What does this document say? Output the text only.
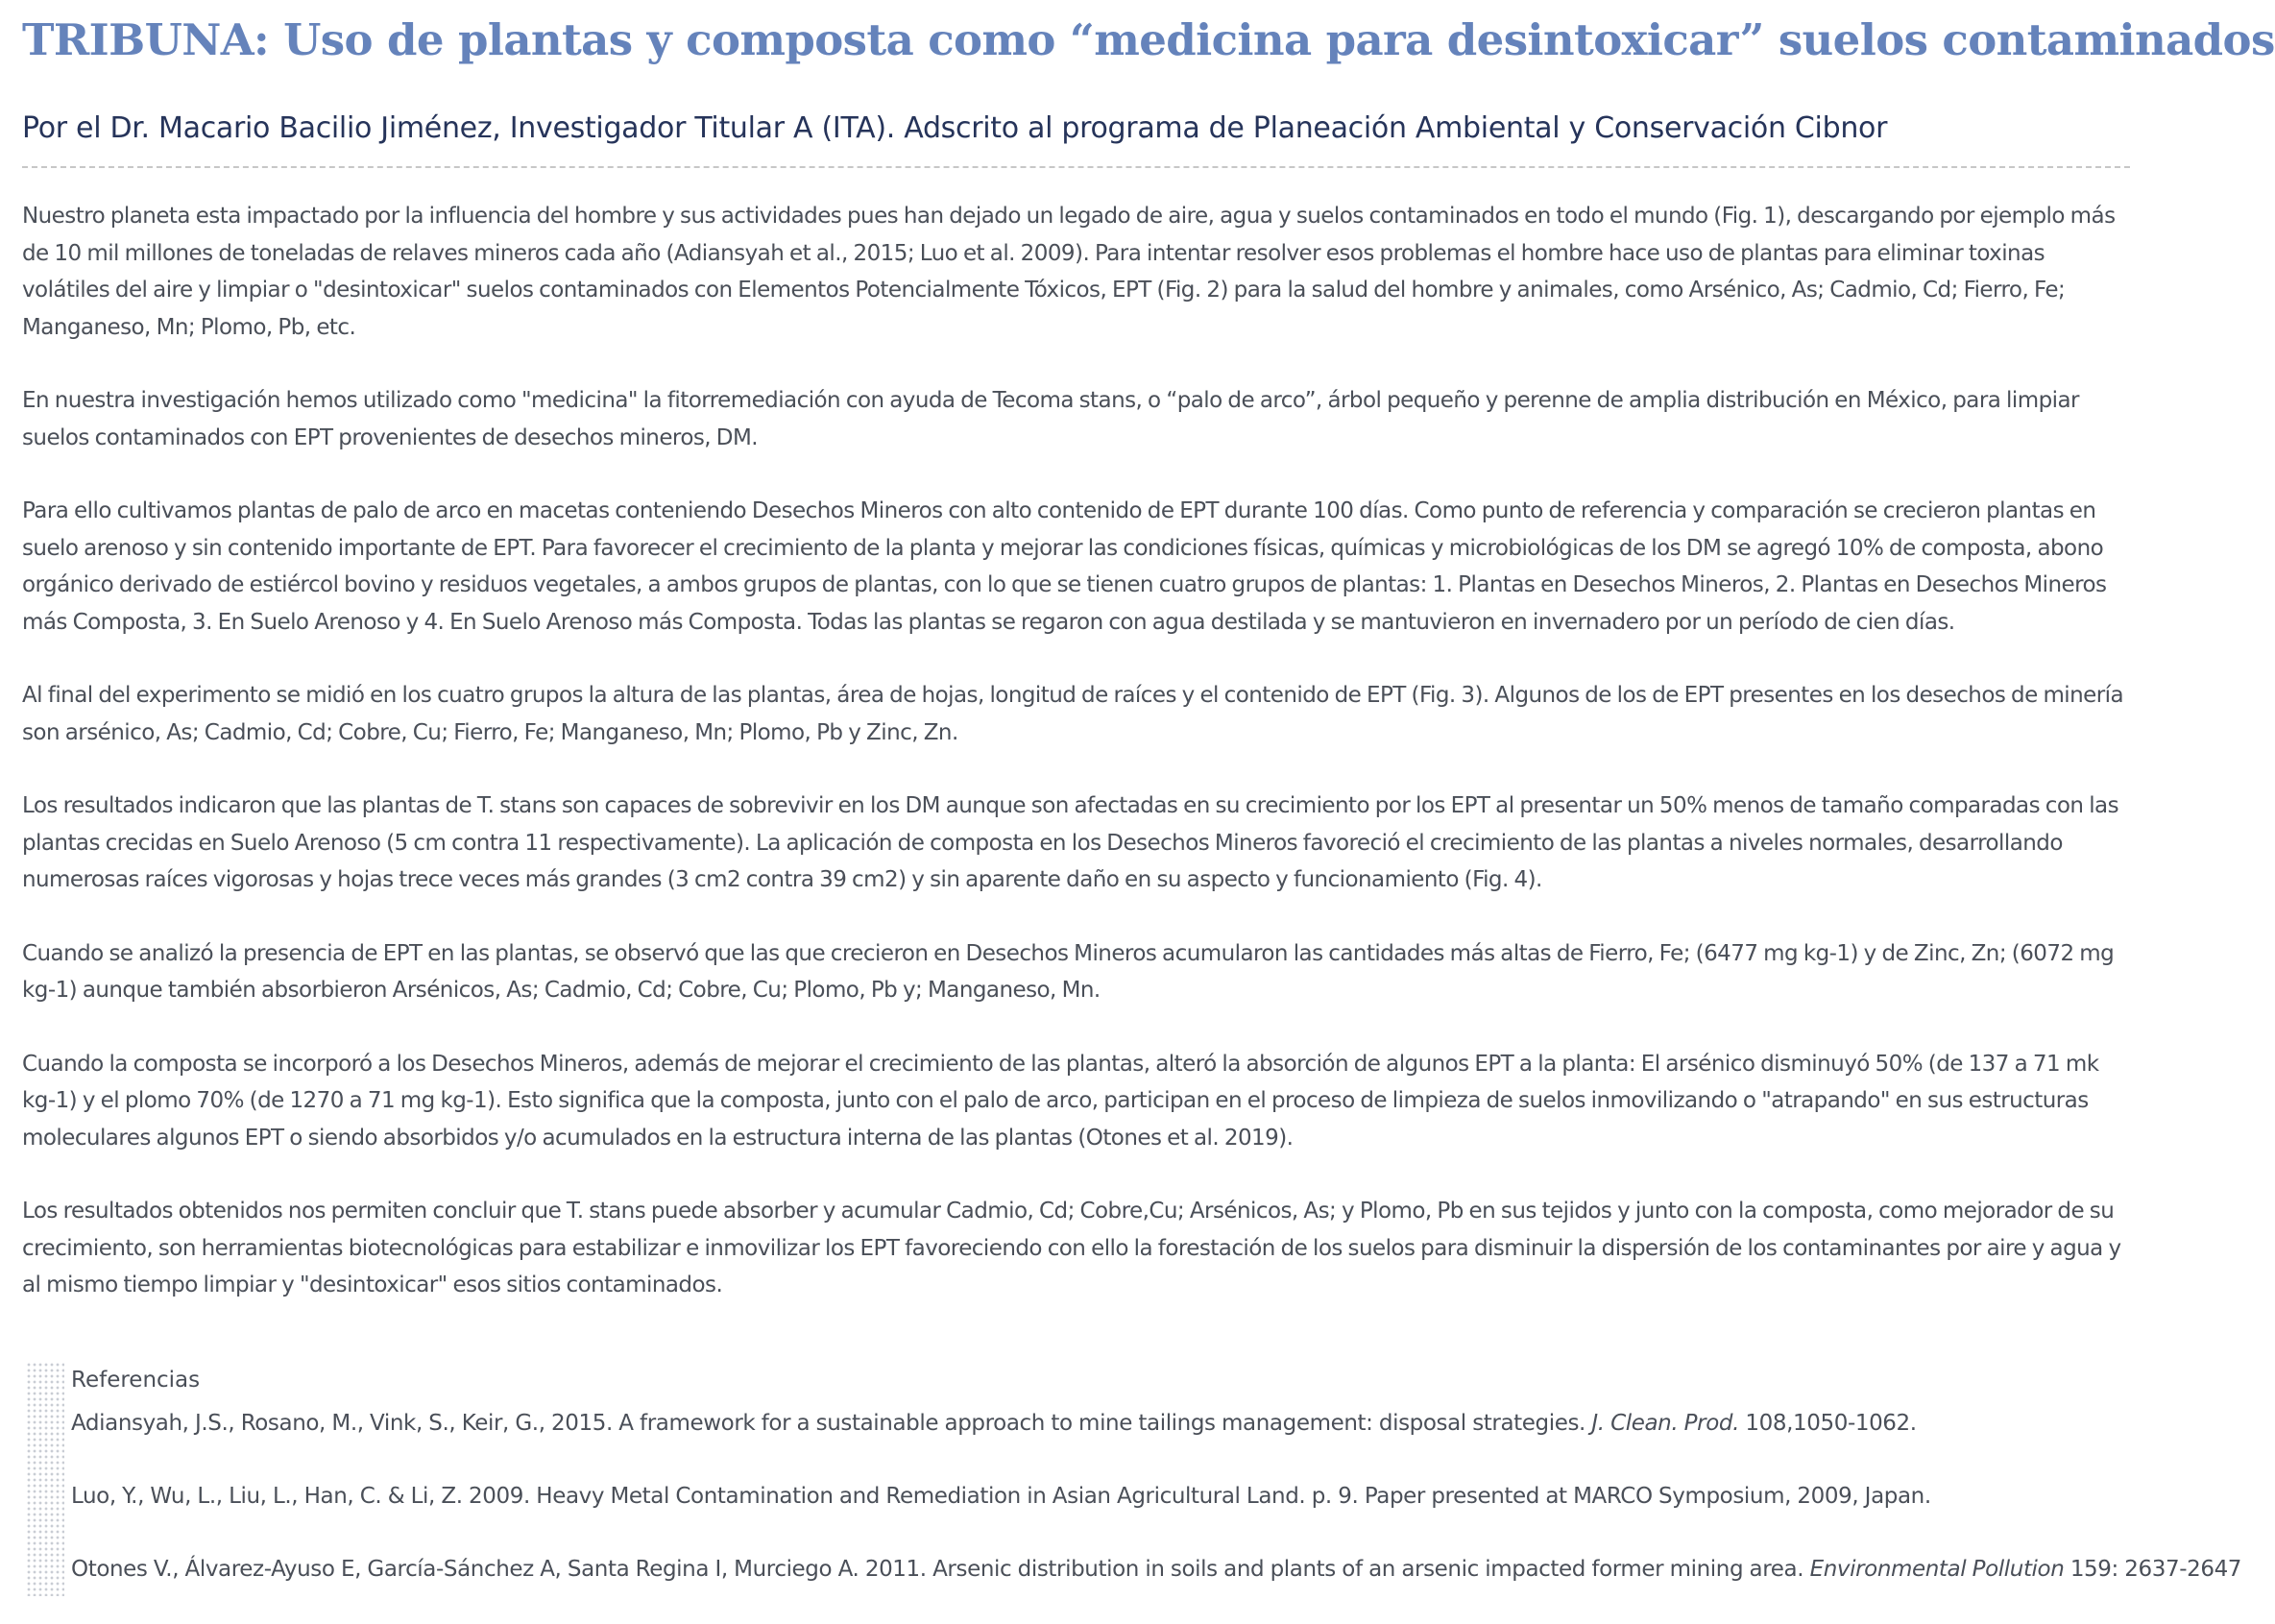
TRIBUNA: Uso de plantas y composta como “medicina para desintoxicar” suelos contaminados
Por el Dr. Macario Bacilio Jiménez, Investigador Titular A (ITA). Adscrito al programa de Planeación Ambiental y Conservación Cibnor

Nuestro planeta esta impactado por la influencia del hombre y sus actividades pues han dejado un legado de aire, agua y suelos contaminados en todo el mundo (Fig. 1), descargando por ejemplo más de 10 mil millones de toneladas de relaves mineros cada año (Adiansyah et al., 2015; Luo et al. 2009). Para intentar resolver esos problemas el hombre hace uso de plantas para eliminar toxinas volátiles del aire y limpiar o "desintoxicar" suelos contaminados con Elementos Potencialmente Tóxicos, EPT (Fig. 2) para la salud del hombre y animales, como Arsénico, As; Cadmio, Cd; Fierro, Fe; Manganeso, Mn; Plomo, Pb, etc.

En nuestra investigación hemos utilizado como "medicina" la fitorremediación con ayuda de Tecoma stans, o “palo de arco”, árbol pequeño y perenne de amplia distribución en México, para limpiar suelos contaminados con EPT provenientes de desechos mineros, DM.

Para ello cultivamos plantas de palo de arco en macetas conteniendo Desechos Mineros con alto contenido de EPT durante 100 días. Como punto de referencia y comparación se crecieron plantas en suelo arenoso y sin contenido importante de EPT. Para favorecer el crecimiento de la planta y mejorar las condiciones físicas, químicas y microbiológicas de los DM se agregó 10% de composta, abono orgánico derivado de estiércol bovino y residuos vegetales, a ambos grupos de plantas, con lo que se tienen cuatro grupos de plantas: 1. Plantas en Desechos Mineros, 2. Plantas en Desechos Mineros más Composta, 3. En Suelo Arenoso y 4. En Suelo Arenoso más Composta. Todas las plantas se regaron con agua destilada y se mantuvieron en invernadero por un período de cien días.

Al final del experimento se midió en los cuatro grupos la altura de las plantas, área de hojas, longitud de raíces y el contenido de EPT (Fig. 3). Algunos de los de EPT presentes en los desechos de minería son arsénico, As; Cadmio, Cd; Cobre, Cu; Fierro, Fe; Manganeso, Mn; Plomo, Pb y Zinc, Zn.

Los resultados indicaron que las plantas de T. stans son capaces de sobrevivir en los DM aunque son afectadas en su crecimiento por los EPT al presentar un 50% menos de tamaño comparadas con las plantas crecidas en Suelo Arenoso (5 cm contra 11 respectivamente). La aplicación de composta en los Desechos Mineros favoreció el crecimiento de las plantas a niveles normales, desarrollando numerosas raíces vigorosas y hojas trece veces más grandes (3 cm2 contra 39 cm2) y sin aparente daño en su aspecto y funcionamiento (Fig. 4).

Cuando se analizó la presencia de EPT en las plantas, se observó que las que crecieron en Desechos Mineros acumularon las cantidades más altas de Fierro, Fe; (6477 mg kg-1) y de Zinc, Zn; (6072 mg kg-1) aunque también absorbieron Arsénicos, As; Cadmio, Cd; Cobre, Cu; Plomo, Pb y; Manganeso, Mn.

Cuando la composta se incorporó a los Desechos Mineros, además de mejorar el crecimiento de las plantas, alteró la absorción de algunos EPT a la planta: El arsénico disminuyó 50% (de 137 a 71 mk kg-1) y el plomo 70% (de 1270 a 71 mg kg-1). Esto significa que la composta, junto con el palo de arco, participan en el proceso de limpieza de suelos inmovilizando o "atrapando" en sus estructuras moleculares algunos EPT o siendo absorbidos y/o acumulados en la estructura interna de las plantas (Otones et al. 2019).

Los resultados obtenidos nos permiten concluir que T. stans puede absorber y acumular Cadmio, Cd; Cobre,Cu; Arsénicos, As; y Plomo, Pb en sus tejidos y junto con la composta, como mejorador de su crecimiento, son herramientas biotecnológicas para estabilizar e inmovilizar los EPT favoreciendo con ello la forestación de los suelos para disminuir la dispersión de los contaminantes por aire y agua y al mismo tiempo limpiar y "desintoxicar" esos sitios contaminados.

Referencias
Adiansyah, J.S., Rosano, M., Vink, S., Keir, G., 2015. A framework for a sustainable approach to mine tailings management: disposal strategies. J. Clean. Prod. 108,1050-1062.
Luo, Y., Wu, L., Liu, L., Han, C. & Li, Z. 2009. Heavy Metal Contamination and Remediation in Asian Agricultural Land. p. 9. Paper presented at MARCO Symposium, 2009, Japan.
Otones V., Álvarez-Ayuso E, García-Sánchez A, Santa Regina I, Murciego A. 2011. Arsenic distribution in soils and plants of an arsenic impacted former mining area. Environmental Pollution 159: 2637-2647
